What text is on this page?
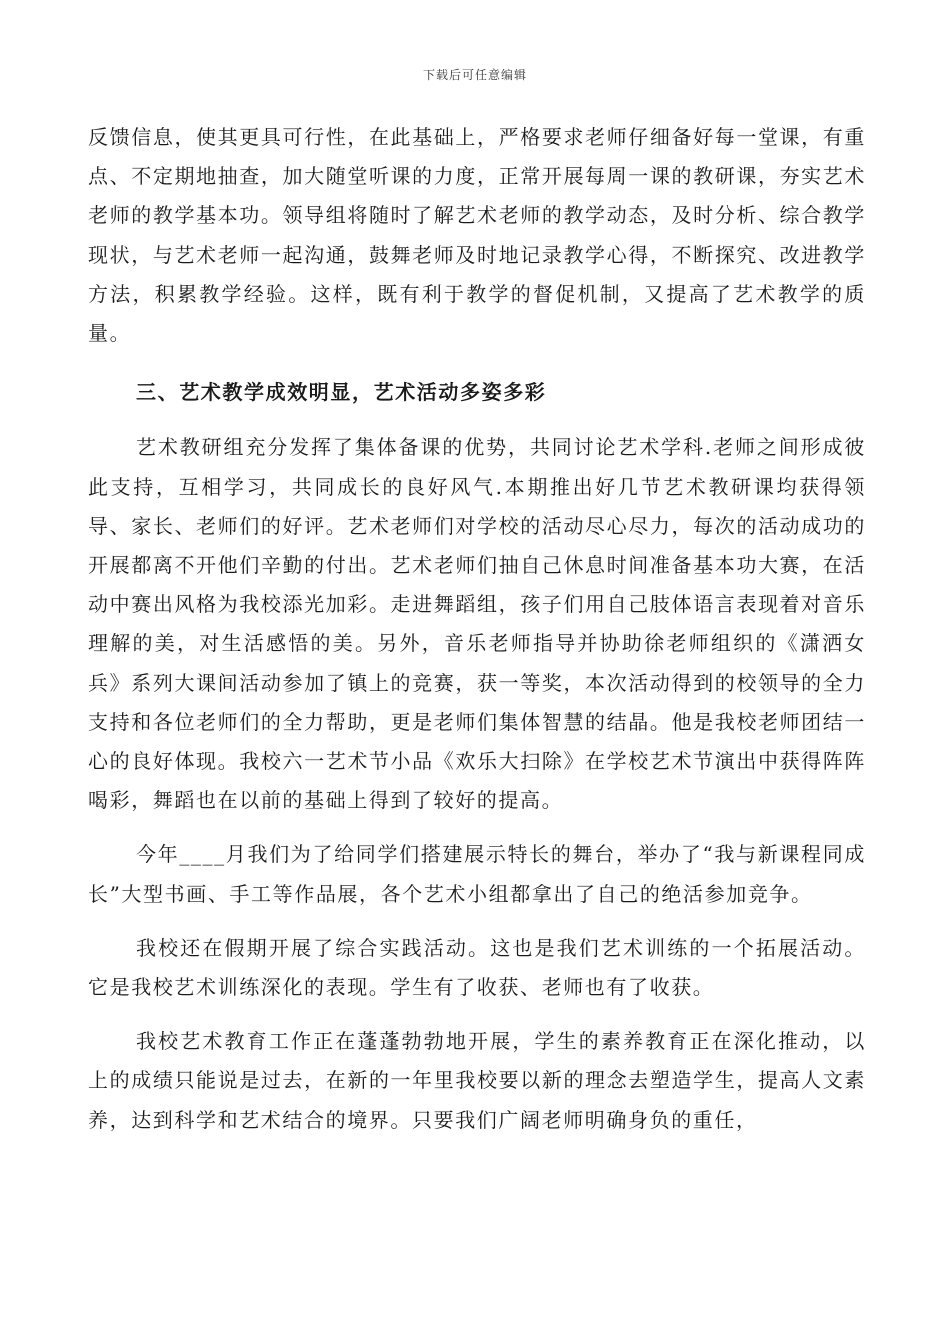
下载后可任意编辑

反馈信息，使其更具可行性，在此基础上，严格要求老师仔细备好每一堂课，有重点、不定期地抽查，加大随堂听课的力度，正常开展每周一课的教研课，夯实艺术老师的教学基本功。领导组将随时了解艺术老师的教学动态，及时分析、综合教学现状，与艺术老师一起沟通，鼓舞老师及时地记录教学心得，不断探究、改进教学方法，积累教学经验。这样，既有利于教学的督促机制，又提高了艺术教学的质量。

三、艺术教学成效明显，艺术活动多姿多彩

艺术教研组充分发挥了集体备课的优势，共同讨论艺术学科.老师之间形成彼此支持，互相学习，共同成长的良好风气.本期推出好几节艺术教研课均获得领导、家长、老师们的好评。艺术老师们对学校的活动尽心尽力，每次的活动成功的开展都离不开他们辛勤的付出。艺术老师们抽自己休息时间准备基本功大赛，在活动中赛出风格为我校添光加彩。走进舞蹈组，孩子们用自己肢体语言表现着对音乐理解的美，对生活感悟的美。另外，音乐老师指导并协助徐老师组织的《潇洒女兵》系列大课间活动参加了镇上的竞赛，获一等奖，本次活动得到的校领导的全力支持和各位老师们的全力帮助，更是老师们集体智慧的结晶。他是我校老师团结一心的良好体现。我校六一艺术节小品《欢乐大扫除》在学校艺术节演出中获得阵阵喝彩，舞蹈也在以前的基础上得到了较好的提高。

今年____月我们为了给同学们搭建展示特长的舞台，举办了“我与新课程同成长”大型书画、手工等作品展，各个艺术小组都拿出了自己的绝活参加竞争。

我校还在假期开展了综合实践活动。这也是我们艺术训练的一个拓展活动。它是我校艺术训练深化的表现。学生有了收获、老师也有了收获。

我校艺术教育工作正在蓬蓬勃勃地开展，学生的素养教育正在深化推动，以上的成绩只能说是过去，在新的一年里我校要以新的理念去塑造学生，提高人文素养，达到科学和艺术结合的境界。只要我们广阔老师明确身负的重任，
